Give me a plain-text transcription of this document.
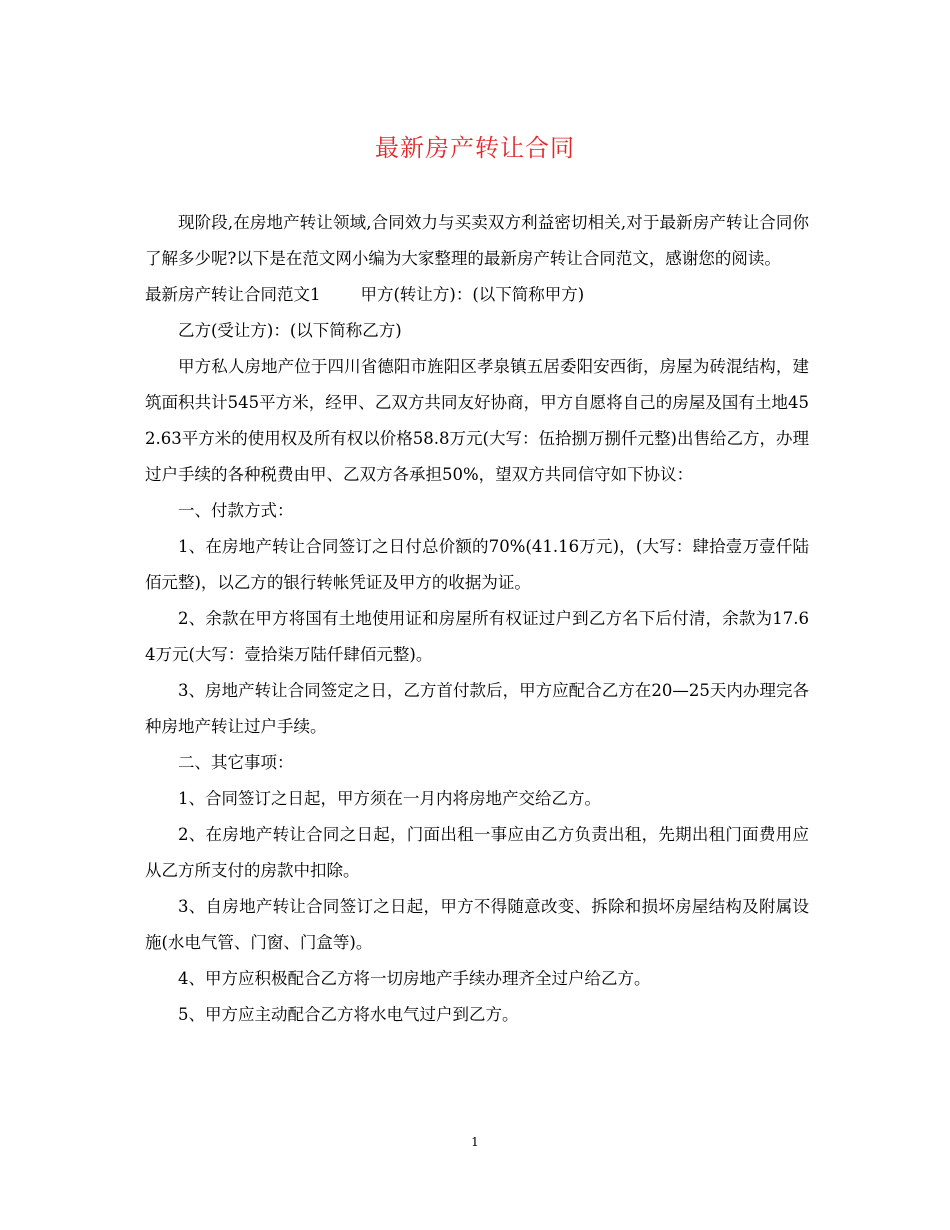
最新房产转让合同

现阶段,在房地产转让领域,合同效力与买卖双方利益密切相关,对于最新房产转让合同你了解多少呢?以下是在范文网小编为大家整理的最新房产转让合同范文，感谢您的阅读。

最新房产转让合同范文1 甲方(转让方)：(以下简称甲方)

乙方(受让方)：(以下简称乙方)

甲方私人房地产位于四川省德阳市旌阳区孝泉镇五居委阳安西街，房屋为砖混结构，建筑面积共计545平方米，经甲、乙双方共同友好协商，甲方自愿将自己的房屋及国有土地452.63平方米的使用权及所有权以价格58.8万元(大写：伍拾捌万捌仟元整)出售给乙方，办理过户手续的各种税费由甲、乙双方各承担50%，望双方共同信守如下协议：

一、付款方式：

1、在房地产转让合同签订之日付总价额的70%(41.16万元)，(大写：肆拾壹万壹仟陆佰元整)，以乙方的银行转帐凭证及甲方的收据为证。

2、余款在甲方将国有土地使用证和房屋所有权证过户到乙方名下后付清，余款为17.64万元(大写：壹拾柒万陆仟肆佰元整)。

3、房地产转让合同签定之日，乙方首付款后，甲方应配合乙方在20—25天内办理完各种房地产转让过户手续。

二、其它事项：

1、合同签订之日起，甲方须在一月内将房地产交给乙方。

2、在房地产转让合同之日起，门面出租一事应由乙方负责出租，先期出租门面费用应从乙方所支付的房款中扣除。

3、自房地产转让合同签订之日起，甲方不得随意改变、拆除和损坏房屋结构及附属设施(水电气管、门窗、门盒等)。

4、甲方应积极配合乙方将一切房地产手续办理齐全过户给乙方。

5、甲方应主动配合乙方将水电气过户到乙方。

1
